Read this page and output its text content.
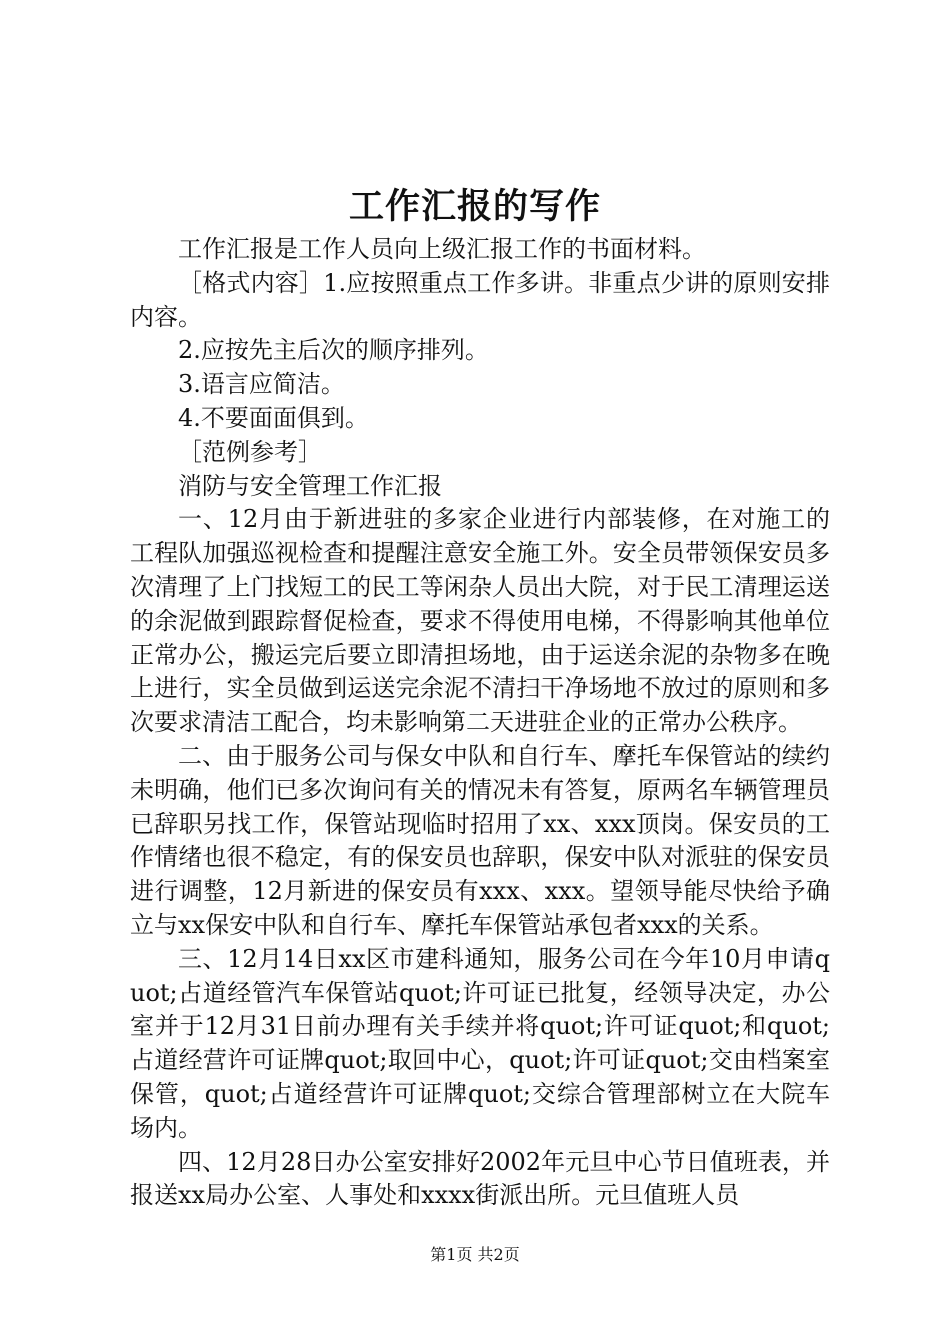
工作汇报的写作

工作汇报是工作人员向上级汇报工作的书面材料。

［格式内容］1.应按照重点工作多讲。非重点少讲的原则安排内容。

2.应按先主后次的顺序排列。

3.语言应简洁。

4.不要面面俱到。

［范例参考］

消防与安全管理工作汇报

一、12月由于新进驻的多家企业进行内部装修，在对施工的工程队加强巡视检查和提醒注意安全施工外。安全员带领保安员多次清理了上门找短工的民工等闲杂人员出大院，对于民工清理运送的余泥做到跟踪督促检查，要求不得使用电梯，不得影响其他单位正常办公，搬运完后要立即清担场地，由于运送余泥的杂物多在晚上进行，实全员做到运送完余泥不清扫干净场地不放过的原则和多次要求清洁工配合，均未影响第二天进驻企业的正常办公秩序。

二、由于服务公司与保女中队和自行车、摩托车保管站的续约未明确，他们已多次询问有关的情况未有答复，原两名车辆管理员已辞职另找工作，保管站现临时招用了xx、xxx顶岗。保安员的工作情绪也很不稳定，有的保安员也辞职，保安中队对派驻的保安员进行调整，12月新进的保安员有xxx、xxx。望领导能尽快给予确立与xx保安中队和自行车、摩托车保管站承包者xxx的关系。

三、12月14日xx区市建科通知，服务公司在今年10月申请quot;占道经管汽车保管站quot;许可证已批复，经领导决定，办公室并于12月31日前办理有关手续并将quot;许可证quot;和quot;占道经营许可证牌quot;取回中心，quot;许可证quot;交由档案室保管，quot;占道经营许可证牌quot;交综合管理部树立在大院车场内。

四、12月28日办公室安排好2002年元旦中心节日值班表，并报送xx局办公室、人事处和xxxx街派出所。元旦值班人员

第1页 共2页
